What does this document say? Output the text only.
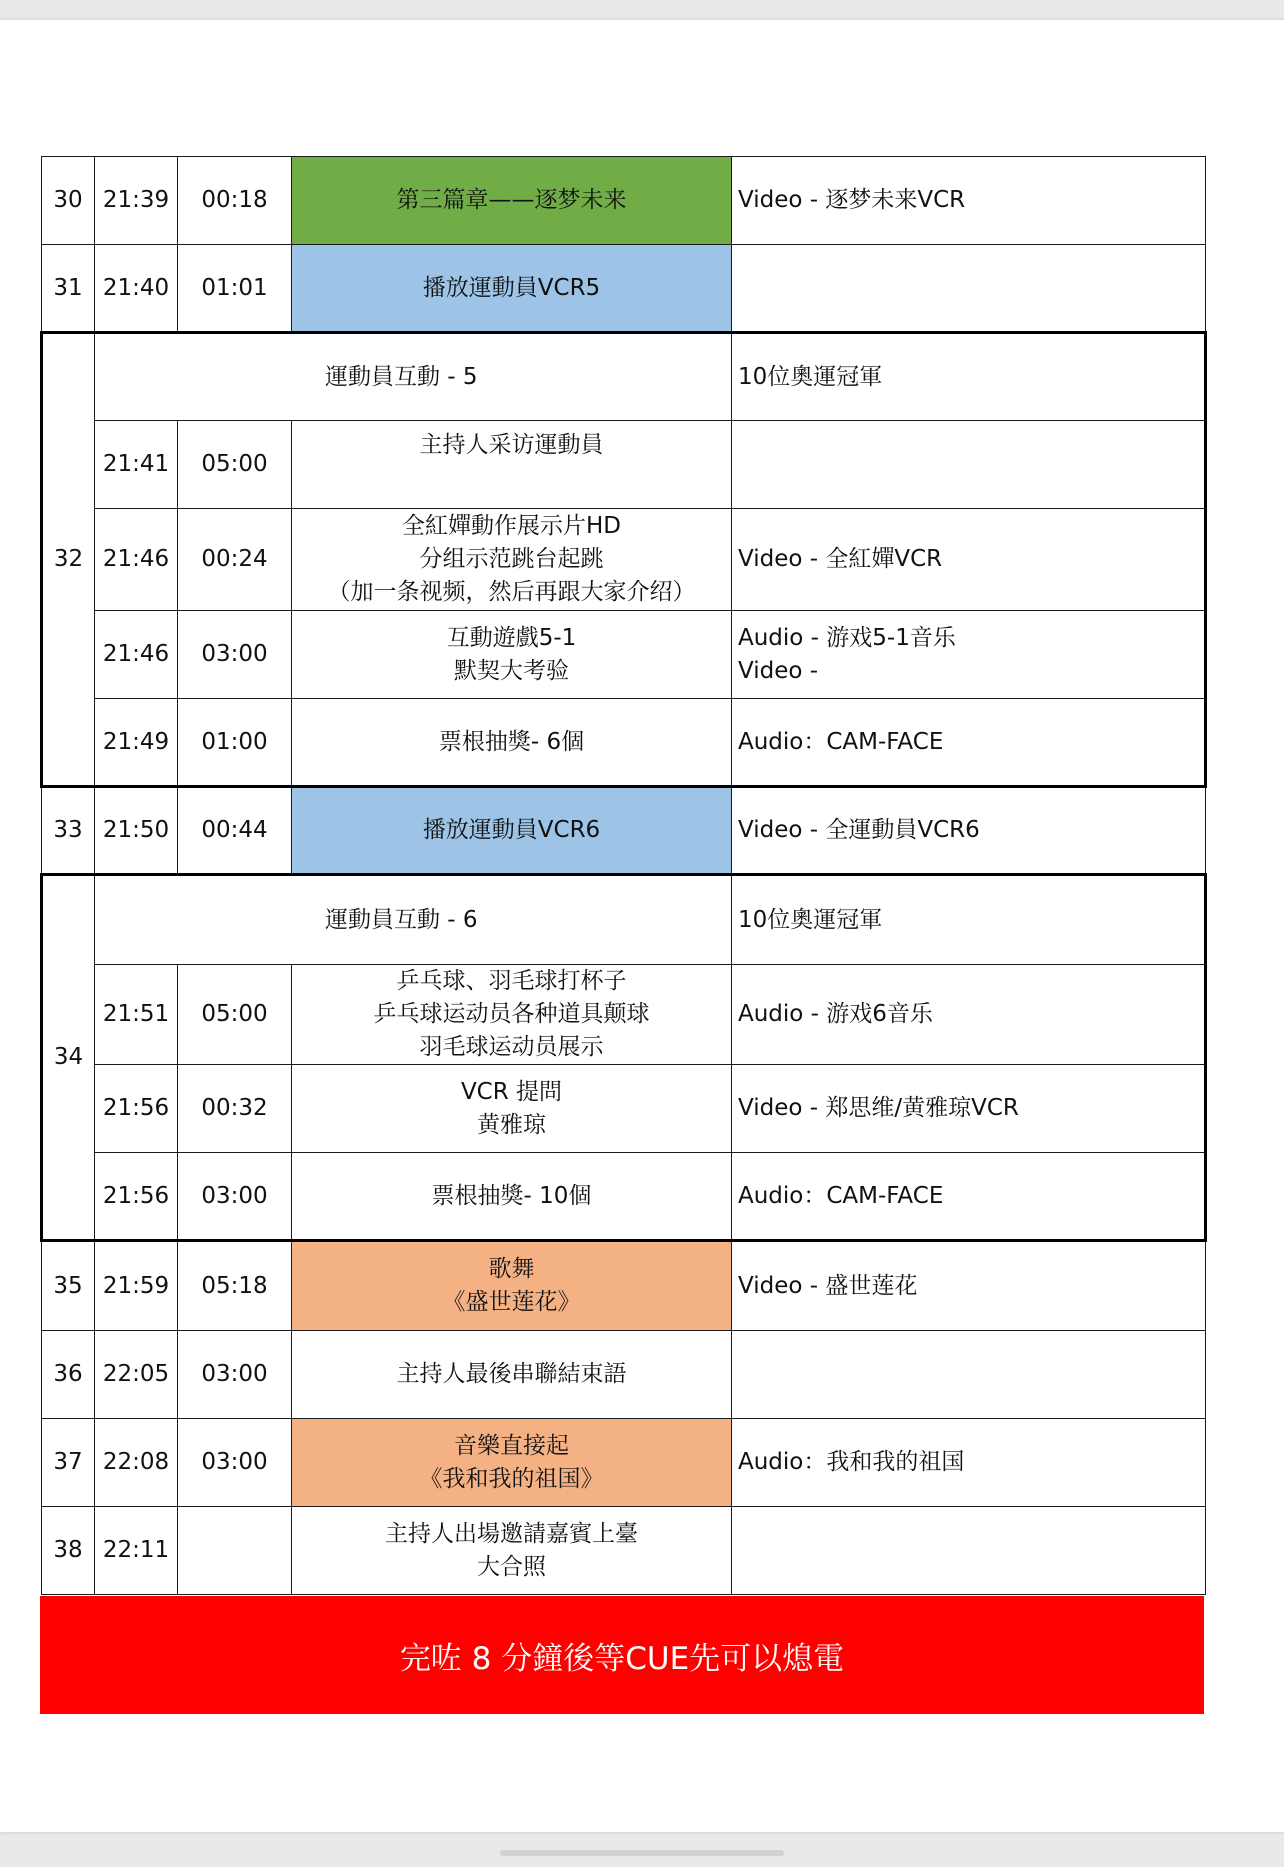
30	21:39	00:18	第三篇章——逐梦未来	Video - 逐梦未来VCR

31	21:40	01:01	播放運動員VCR5	

32	運動員互動 - 5			10位奧運冠軍
	21:41	05:00	主持人采访運動員	

	21:46	00:24	全紅嬋動作展示片HD
分组示范跳台起跳
（加一条视频，然后再跟大家介绍）	Video - 全紅嬋VCR

	21:46	03:00	互動遊戲5-1
默契大考验	Audio - 游戏5-1音乐
Video -

	21:49	01:00	票根抽獎- 6個	Audio：CAM-FACE

33	21:50	00:44	播放運動員VCR6	Video - 全運動員VCR6

34	運動員互動 - 6			10位奧運冠軍
	21:51	05:00	乒乓球、羽毛球打杯子
乒乓球运动员各种道具颠球
羽毛球运动员展示	Audio - 游戏6音乐

	21:56	00:32	VCR 提問
黄雅琼	Video - 郑思维/黄雅琼VCR

	21:56	03:00	票根抽獎- 10個	Audio：CAM-FACE

35	21:59	05:18	歌舞
《盛世莲花》	Video - 盛世莲花

36	22:05	03:00	主持人最後串聯結束語	

37	22:08	03:00	音樂直接起
《我和我的祖国》	Audio：我和我的祖国

38	22:11		主持人出場邀請嘉賓上臺
大合照	

完咗 8 分鐘後等CUE先可以熄電
